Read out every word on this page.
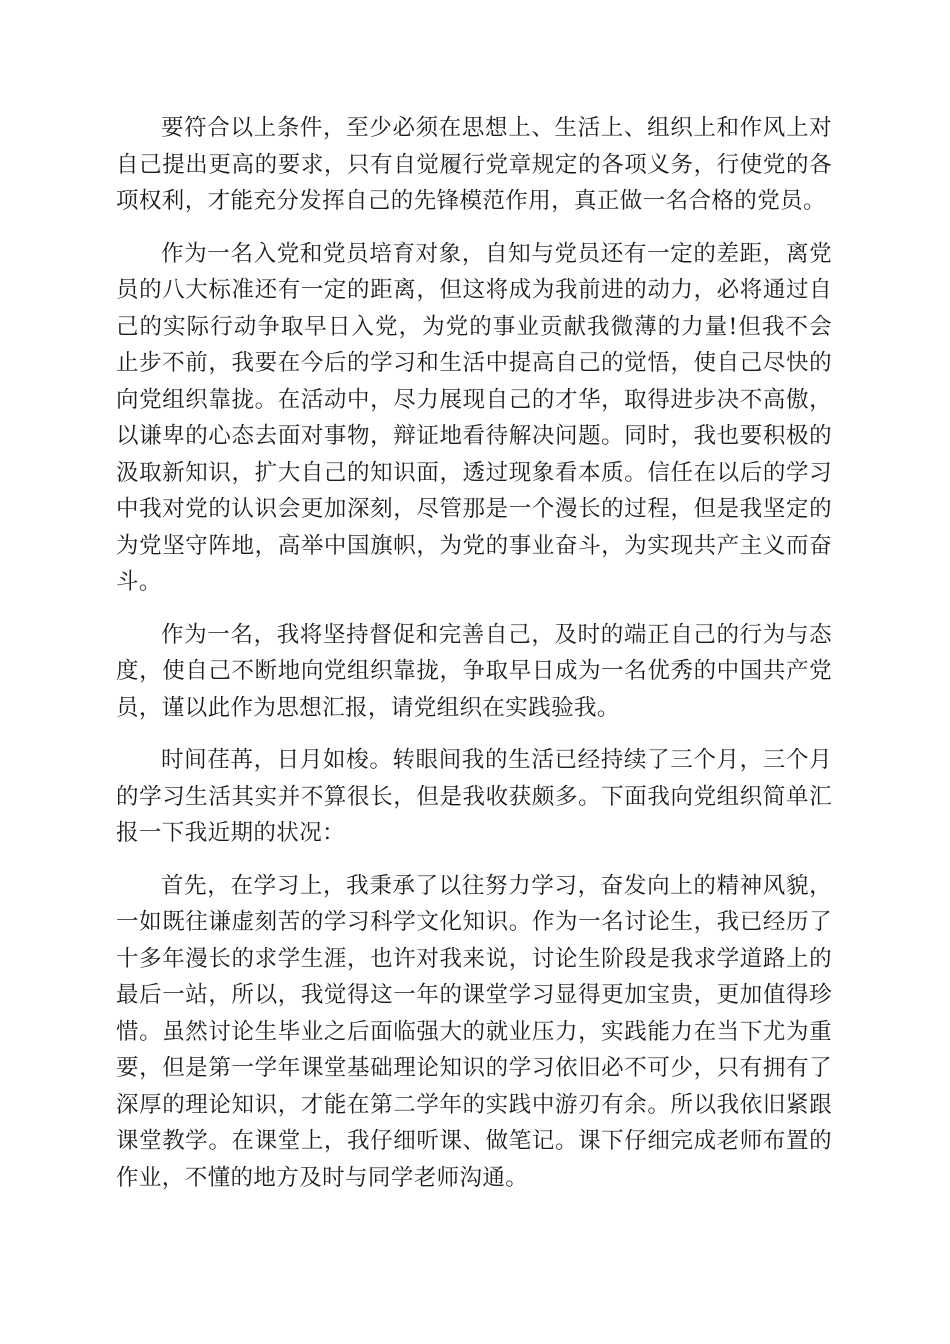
要符合以上条件，至少必须在思想上、生活上、组织上和作风上对自己提出更高的要求，只有自觉履行党章规定的各项义务，行使党的各项权利，才能充分发挥自己的先锋模范作用，真正做一名合格的党员。

作为一名入党和党员培育对象，自知与党员还有一定的差距，离党员的八大标准还有一定的距离，但这将成为我前进的动力，必将通过自己的实际行动争取早日入党，为党的事业贡献我微薄的力量!但我不会止步不前，我要在今后的学习和生活中提高自己的觉悟，使自己尽快的向党组织靠拢。在活动中，尽力展现自己的才华，取得进步决不高傲，以谦卑的心态去面对事物，辩证地看待解决问题。同时，我也要积极的汲取新知识，扩大自己的知识面，透过现象看本质。信任在以后的学习中我对党的认识会更加深刻，尽管那是一个漫长的过程，但是我坚定的为党坚守阵地，高举中国旗帜，为党的事业奋斗，为实现共产主义而奋斗。

作为一名，我将坚持督促和完善自己，及时的端正自己的行为与态度，使自己不断地向党组织靠拢，争取早日成为一名优秀的中国共产党员，谨以此作为思想汇报，请党组织在实践验我。

时间荏苒，日月如梭。转眼间我的生活已经持续了三个月，三个月的学习生活其实并不算很长，但是我收获颇多。下面我向党组织简单汇报一下我近期的状况：

首先，在学习上，我秉承了以往努力学习，奋发向上的精神风貌，一如既往谦虚刻苦的学习科学文化知识。作为一名讨论生，我已经历了十多年漫长的求学生涯，也许对我来说，讨论生阶段是我求学道路上的最后一站，所以，我觉得这一年的课堂学习显得更加宝贵，更加值得珍惜。虽然讨论生毕业之后面临强大的就业压力，实践能力在当下尤为重要，但是第一学年课堂基础理论知识的学习依旧必不可少，只有拥有了深厚的理论知识，才能在第二学年的实践中游刃有余。所以我依旧紧跟课堂教学。在课堂上，我仔细听课、做笔记。课下仔细完成老师布置的作业，不懂的地方及时与同学老师沟通。
